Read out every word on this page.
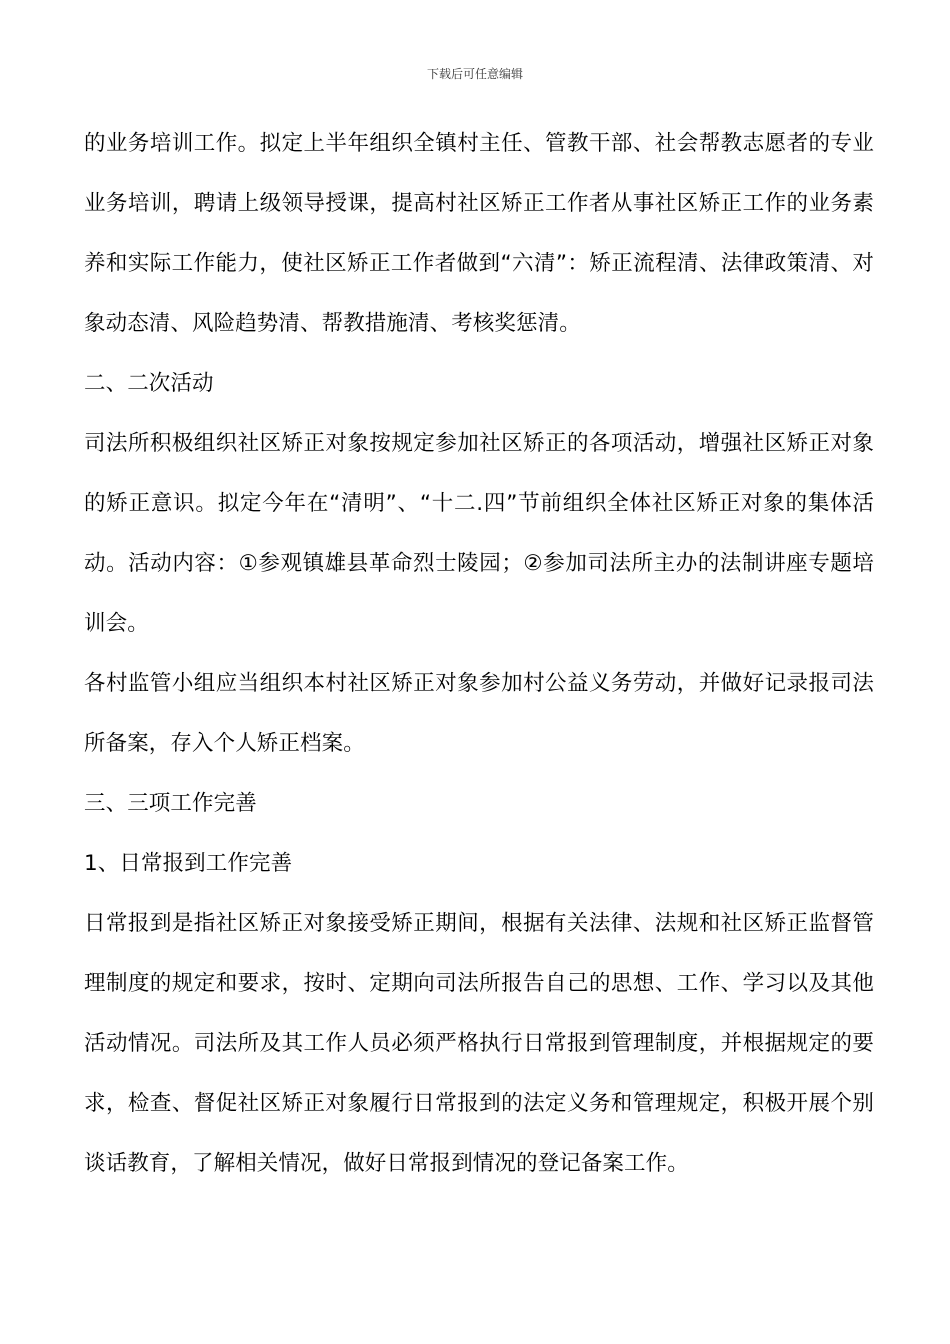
下载后可任意编辑

的业务培训工作。拟定上半年组织全镇村主任、管教干部、社会帮教志愿者的专业业务培训，聘请上级领导授课，提高村社区矫正工作者从事社区矫正工作的业务素养和实际工作能力，使社区矫正工作者做到“六清”：矫正流程清、法律政策清、对象动态清、风险趋势清、帮教措施清、考核奖惩清。

二、二次活动

司法所积极组织社区矫正对象按规定参加社区矫正的各项活动，增强社区矫正对象的矫正意识。拟定今年在“清明”、“十二.四”节前组织全体社区矫正对象的集体活动。活动内容：①参观镇雄县革命烈士陵园；②参加司法所主办的法制讲座专题培训会。

各村监管小组应当组织本村社区矫正对象参加村公益义务劳动，并做好记录报司法所备案，存入个人矫正档案。

三、三项工作完善

1、日常报到工作完善

日常报到是指社区矫正对象接受矫正期间，根据有关法律、法规和社区矫正监督管理制度的规定和要求，按时、定期向司法所报告自己的思想、工作、学习以及其他活动情况。司法所及其工作人员必须严格执行日常报到管理制度，并根据规定的要求，检查、督促社区矫正对象履行日常报到的法定义务和管理规定，积极开展个别谈话教育，了解相关情况，做好日常报到情况的登记备案工作。
